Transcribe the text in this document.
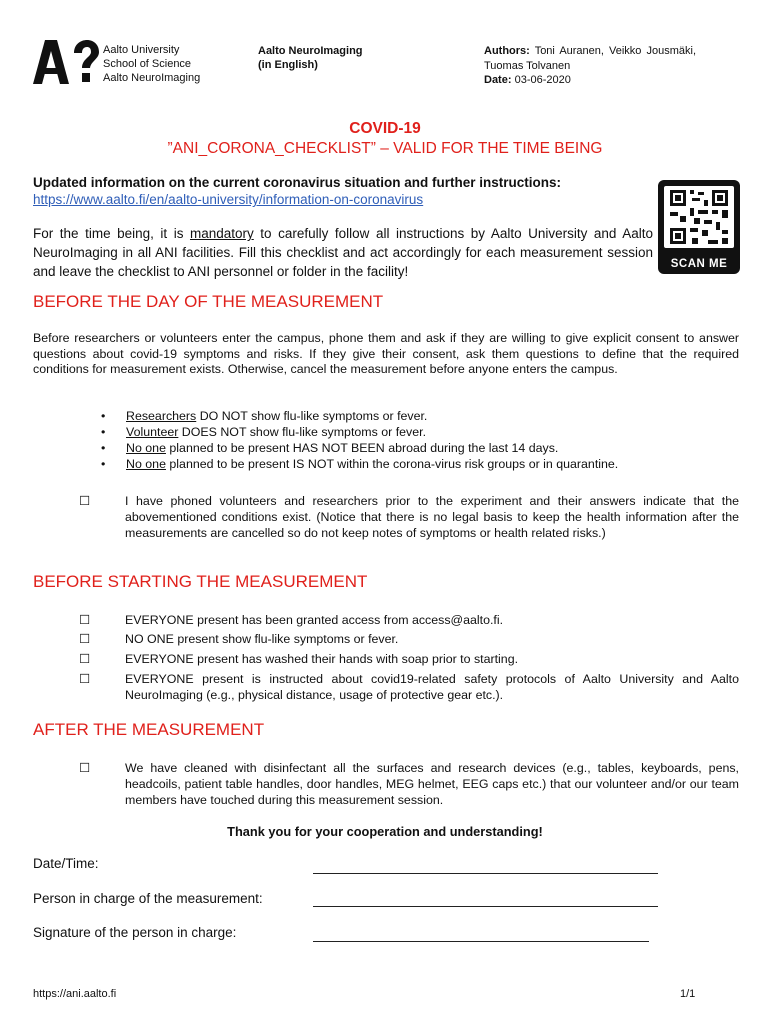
Aalto University
School of Science
Aalto NeuroImaging
Aalto NeuroImaging
(in English)
Authors: Toni Auranen, Veikko Jousmäki, Tuomas Tolvanen
Date: 03-06-2020
COVID-19
”ANI_CORONA_CHECKLIST” – VALID FOR THE TIME BEING
Updated information on the current coronavirus situation and further instructions:
https://www.aalto.fi/en/aalto-university/information-on-coronavirus
For the time being, it is mandatory to carefully follow all instructions by Aalto University and Aalto NeuroImaging in all ANI facilities. Fill this checklist and act accordingly for each measurement session and leave the checklist to ANI personnel or folder in the facility!	SCAN ME
BEFORE THE DAY OF THE MEASUREMENT
Before researchers or volunteers enter the campus, phone them and ask if they are willing to give explicit consent to answer questions about covid-19 symptoms and risks. If they give their consent, ask them questions to define that the required conditions for measurement exists. Otherwise, cancel the measurement before anyone enters the campus.
• Researchers DO NOT show flu-like symptoms or fever.
• Volunteer DOES NOT show flu-like symptoms or fever.
• No one planned to be present HAS NOT BEEN abroad during the last 14 days.
• No one planned to be present IS NOT within the corona-virus risk groups or in quarantine.
☐	I have phoned volunteers and researchers prior to the experiment and their answers indicate that the abovementioned conditions exist. (Notice that there is no legal basis to keep the health information after the measurements are cancelled so do not keep notes of symptoms or health related risks.)
BEFORE STARTING THE MEASUREMENT
☐	EVERYONE present has been granted access from access@aalto.fi.
☐	NO ONE present show flu-like symptoms or fever.
☐	EVERYONE present has washed their hands with soap prior to starting.
☐	EVERYONE present is instructed about covid19-related safety protocols of Aalto University and Aalto NeuroImaging (e.g., physical distance, usage of protective gear etc.).
AFTER THE MEASUREMENT
☐	We have cleaned with disinfectant all the surfaces and research devices (e.g., tables, keyboards, pens, headcoils, patient table handles, door handles, MEG helmet, EEG caps etc.) that our volunteer and/or our team members have touched during this measurement session.
Thank you for your cooperation and understanding!
Date/Time:
Person in charge of the measurement:
Signature of the person in charge:
https://ani.aalto.fi	1/1
